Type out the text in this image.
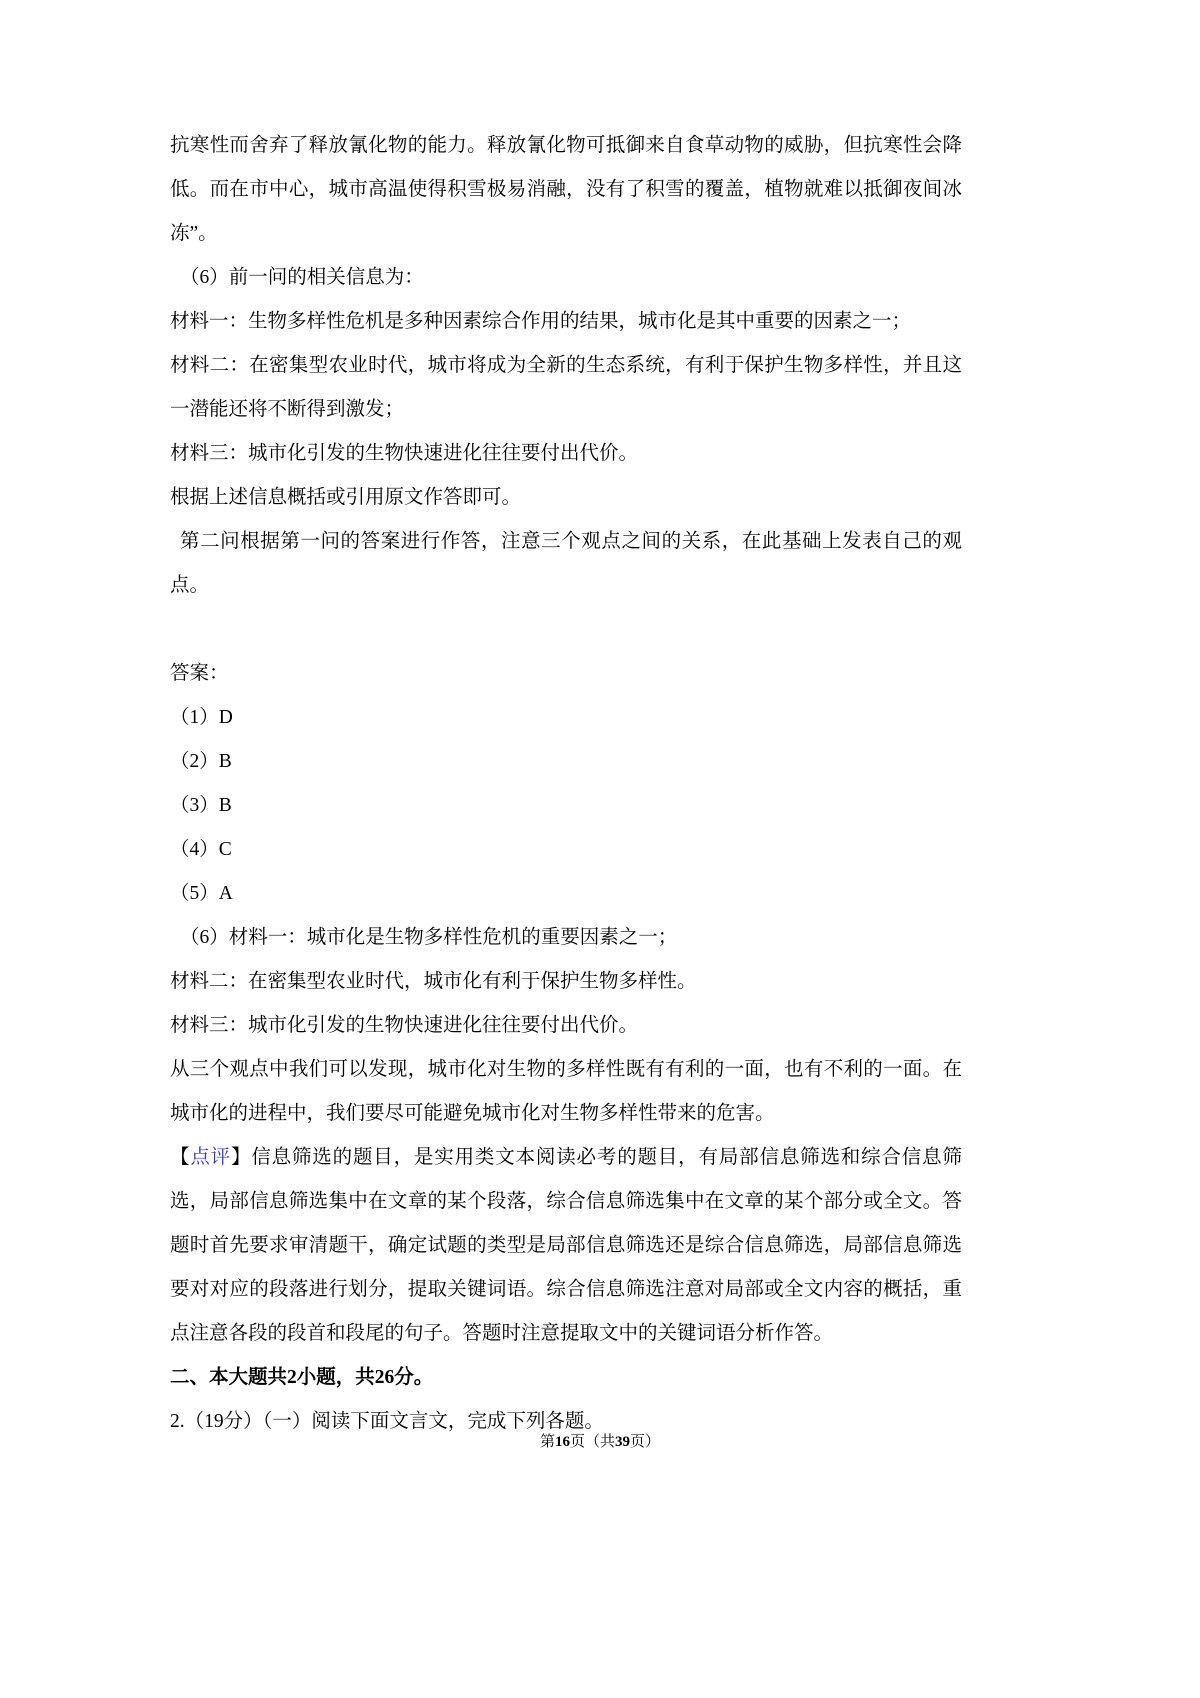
抗寒性而舍弃了释放氰化物的能力。释放氰化物可抵御来自食草动物的威胁，但抗寒性会降低。而在市中心，城市高温使得积雪极易消融，没有了积雪的覆盖，植物就难以抵御夜间冰冻”。

（6）前一问的相关信息为：

材料一：生物多样性危机是多种因素综合作用的结果，城市化是其中重要的因素之一；

材料二：在密集型农业时代，城市将成为全新的生态系统，有利于保护生物多样性，并且这一潜能还将不断得到激发；

材料三：城市化引发的生物快速进化往往要付出代价。

根据上述信息概括或引用原文作答即可。

第二问根据第一问的答案进行作答，注意三个观点之间的关系，在此基础上发表自己的观点。

答案：

（1）D

（2）B

（3）B

（4）C

（5）A

（6）材料一：城市化是生物多样性危机的重要因素之一；

材料二：在密集型农业时代，城市化有利于保护生物多样性。

材料三：城市化引发的生物快速进化往往要付出代价。

从三个观点中我们可以发现，城市化对生物的多样性既有有利的一面，也有不利的一面。在城市化的进程中，我们要尽可能避免城市化对生物多样性带来的危害。

【点评】信息筛选的题目，是实用类文本阅读必考的题目，有局部信息筛选和综合信息筛选，局部信息筛选集中在文章的某个段落，综合信息筛选集中在文章的某个部分或全文。答题时首先要求审清题干，确定试题的类型是局部信息筛选还是综合信息筛选，局部信息筛选要对对应的段落进行划分，提取关键词语。综合信息筛选注意对局部或全文内容的概括，重点注意各段的段首和段尾的句子。答题时注意提取文中的关键词语分析作答。

二、本大题共2小题，共26分。

2.（19分）（一）阅读下面文言文，完成下列各题。

第16页（共39页）
